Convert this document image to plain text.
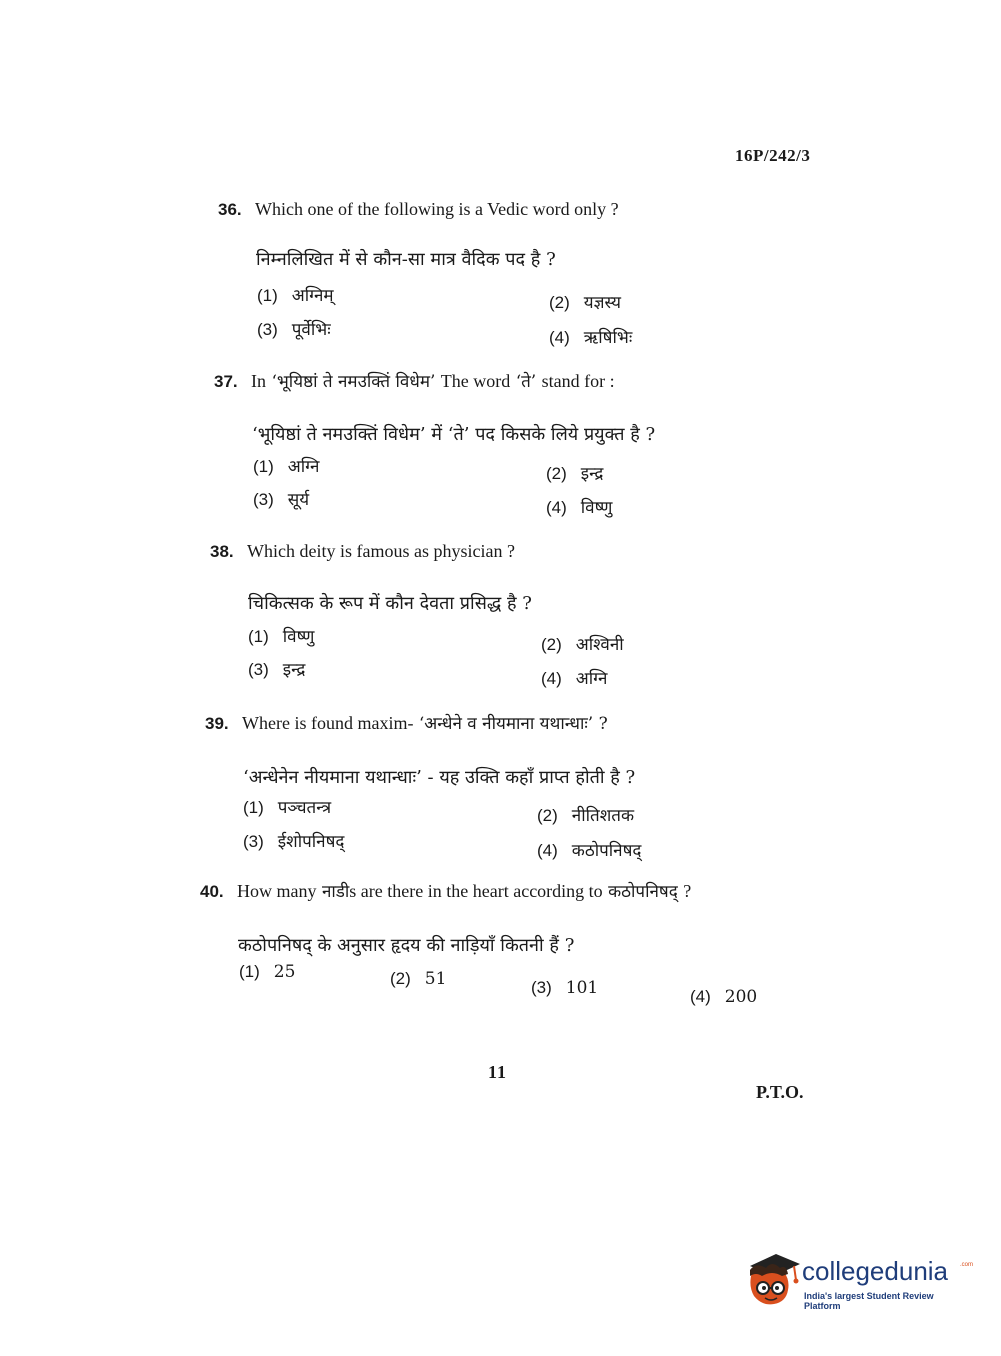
16P/242/3
36. Which one of the following is a Vedic word only ?
निम्नलिखित में से कौन-सा मात्र वैदिक पद है ?
(1) अग्निम्	(2) यज्ञस्य
(3) पूर्वेभिः	(4) ऋषिभिः
37. In ‘भूयिष्ठां ते नमउक्तिं विधेम’ The word ‘ते’ stand for :
‘भूयिष्ठां ते नमउक्तिं विधेम’ में ‘ते’ पद किसके लिये प्रयुक्त है ?
(1) अग्नि	(2) इन्द्र
(3) सूर्य	(4) विष्णु
38. Which deity is famous as physician ?
चिकित्सक के रूप में कौन देवता प्रसिद्ध है ?
(1) विष्णु	(2) अश्विनी
(3) इन्द्र	(4) अग्नि
39. Where is found maxim- ‘अन्धेने व नीयमाना यथान्धाः’ ?
‘अन्धेनेन नीयमाना यथान्धाः’ - यह उक्ति कहाँ प्राप्त होती है ?
(1) पञ्चतन्त्र	(2) नीतिशतक
(3) ईशोपनिषद्	(4) कठोपनिषद्
40. How many नाडीs are there in the heart according to कठोपनिषद् ?
कठोपनिषद् के अनुसार हृदय की नाड़ियाँ कितनी हैं ?
(1) 25	(2) 51	(3) 101	(4) 200
11
P.T.O.
collegedunia .com
India's largest Student Review Platform
